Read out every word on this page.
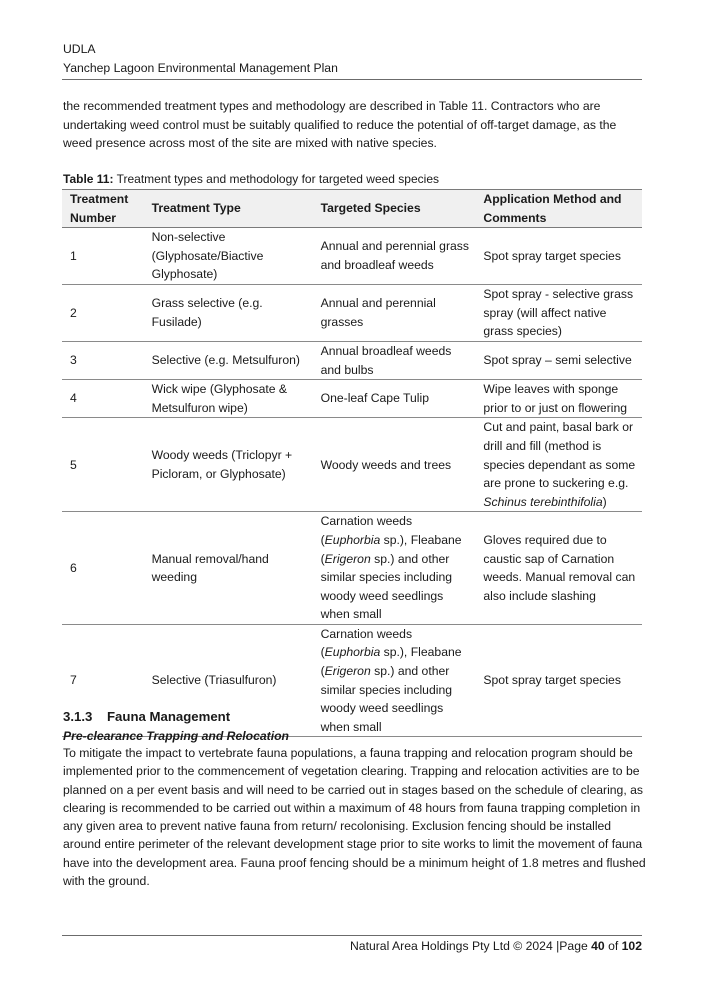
UDLA
Yanchep Lagoon Environmental Management Plan

the recommended treatment types and methodology are described in Table 11. Contractors who are undertaking weed control must be suitably qualified to reduce the potential of off-target damage, as the weed presence across most of the site are mixed with native species.

Table 11: Treatment types and methodology for targeted weed species
Treatment Number	Treatment Type	Targeted Species	Application Method and Comments
1	Non-selective (Glyphosate/Biactive Glyphosate)	Annual and perennial grass and broadleaf weeds	Spot spray target species
2	Grass selective (e.g. Fusilade)	Annual and perennial grasses	Spot spray - selective grass spray (will affect native grass species)
3	Selective (e.g. Metsulfuron)	Annual broadleaf weeds and bulbs	Spot spray – semi selective
4	Wick wipe (Glyphosate & Metsulfuron wipe)	One-leaf Cape Tulip	Wipe leaves with sponge prior to or just on flowering
5	Woody weeds (Triclopyr + Picloram, or Glyphosate)	Woody weeds and trees	Cut and paint, basal bark or drill and fill (method is species dependant as some are prone to suckering e.g. Schinus terebinthifolia)
6	Manual removal/hand weeding	Carnation weeds (Euphorbia sp.), Fleabane (Erigeron sp.) and other similar species including woody weed seedlings when small	Gloves required due to caustic sap of Carnation weeds. Manual removal can also include slashing
7	Selective (Triasulfuron)	Carnation weeds (Euphorbia sp.), Fleabane (Erigeron sp.) and other similar species including woody weed seedlings when small	Spot spray target species
3.1.3 Fauna Management
Pre-clearance Trapping and Relocation

To mitigate the impact to vertebrate fauna populations, a fauna trapping and relocation program should be implemented prior to the commencement of vegetation clearing. Trapping and relocation activities are to be planned on a per event basis and will need to be carried out in stages based on the schedule of clearing, as clearing is recommended to be carried out within a maximum of 48 hours from fauna trapping completion in any given area to prevent native fauna from return/ recolonising. Exclusion fencing should be installed around entire perimeter of the relevant development stage prior to site works to limit the movement of fauna have into the development area. Fauna proof fencing should be a minimum height of 1.8 metres and flushed with the ground.

Natural Area Holdings Pty Ltd © 2024 |Page 40 of 102
